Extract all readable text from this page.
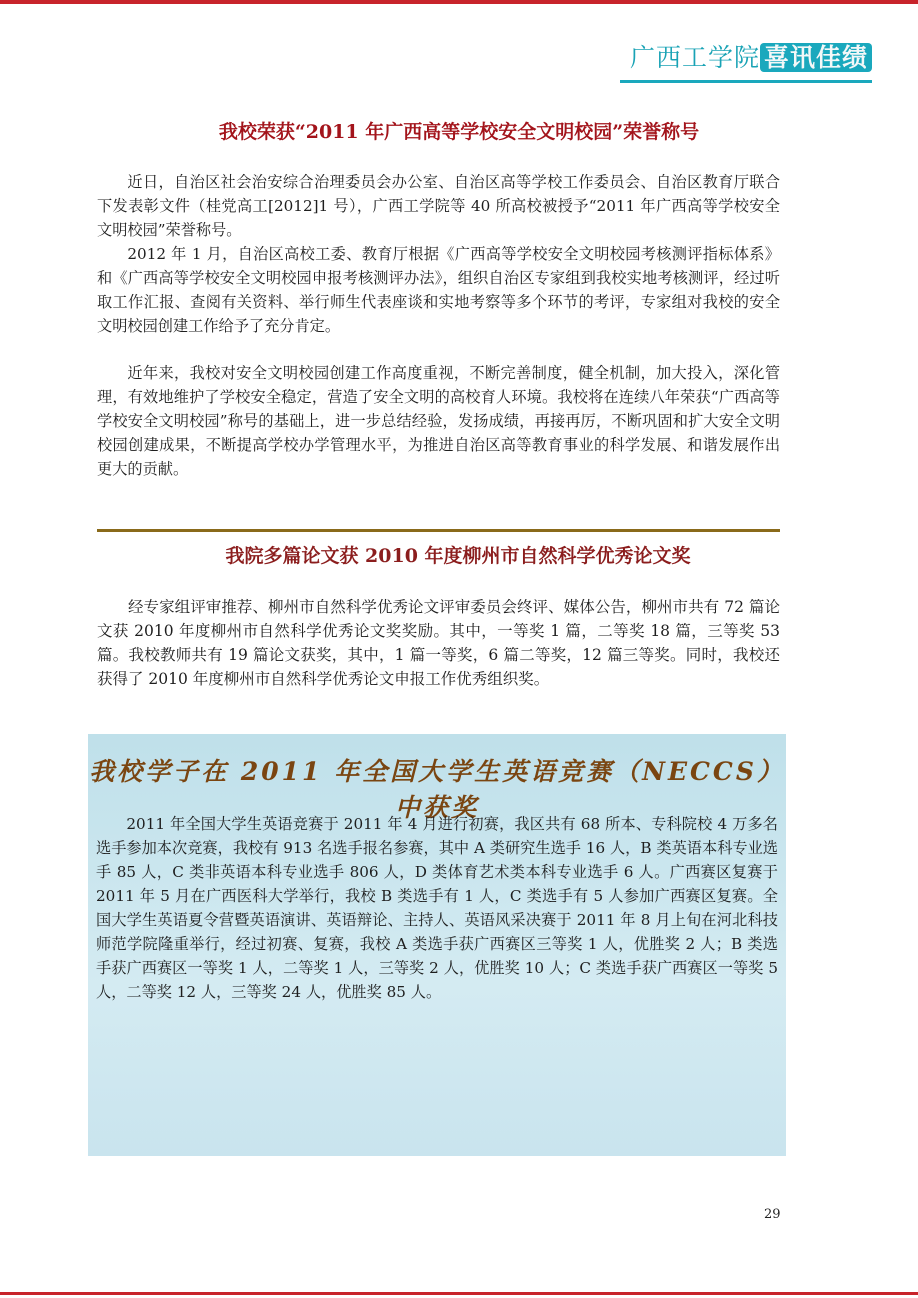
广西工学院 喜讯佳绩
我校荣获“2011 年广西高等学校安全文明校园”荣誉称号

近日，自治区社会治安综合治理委员会办公室、自治区高等学校工作委员会、自治区教育厅联合下发表彰文件（桂党高工[2012]1 号），广西工学院等 40 所高校被授予“2011 年广西高等学校安全文明校园”荣誉称号。

2012 年 1 月，自治区高校工委、教育厅根据《广西高等学校安全文明校园考核测评指标体系》和《广西高等学校安全文明校园申报考核测评办法》，组织自治区专家组到我校实地考核测评，经过听取工作汇报、查阅有关资料、举行师生代表座谈和实地考察等多个环节的考评，专家组对我校的安全文明校园创建工作给予了充分肯定。

近年来，我校对安全文明校园创建工作高度重视，不断完善制度，健全机制，加大投入，深化管理，有效地维护了学校安全稳定，营造了安全文明的高校育人环境。我校将在连续八年荣获“广西高等学校安全文明校园”称号的基础上，进一步总结经验，发扬成绩，再接再厉，不断巩固和扩大安全文明校园创建成果，不断提高学校办学管理水平，为推进自治区高等教育事业的科学发展、和谐发展作出更大的贡献。

我院多篇论文获 2010 年度柳州市自然科学优秀论文奖

经专家组评审推荐、柳州市自然科学优秀论文评审委员会终评、媒体公告，柳州市共有 72 篇论文获 2010 年度柳州市自然科学优秀论文奖奖励。其中，一等奖 1 篇，二等奖 18 篇，三等奖 53 篇。我校教师共有 19 篇论文获奖，其中，1 篇一等奖，6 篇二等奖，12 篇三等奖。同时，我校还获得了 2010 年度柳州市自然科学优秀论文申报工作优秀组织奖。

我校学子在 2011 年全国大学生英语竞赛（NECCS）中获奖

2011 年全国大学生英语竞赛于 2011 年 4 月进行初赛，我区共有 68 所本、专科院校 4 万多名选手参加本次竞赛，我校有 913 名选手报名参赛，其中 A 类研究生选手 16 人，B 类英语本科专业选手 85 人，C 类非英语本科专业选手 806 人，D 类体育艺术类本科专业选手 6 人。广西赛区复赛于 2011 年 5 月在广西医科大学举行，我校 B 类选手有 1 人，C 类选手有 5 人参加广西赛区复赛。全国大学生英语夏令营暨英语演讲、英语辩论、主持人、英语风采决赛于 2011 年 8 月上旬在河北科技师范学院隆重举行，经过初赛、复赛，我校 A 类选手获广西赛区三等奖 1 人，优胜奖 2 人；B 类选手获广西赛区一等奖 1 人，二等奖 1 人，三等奖 2 人，优胜奖 10 人；C 类选手获广西赛区一等奖 5 人，二等奖 12 人，三等奖 24 人，优胜奖 85 人。

29
